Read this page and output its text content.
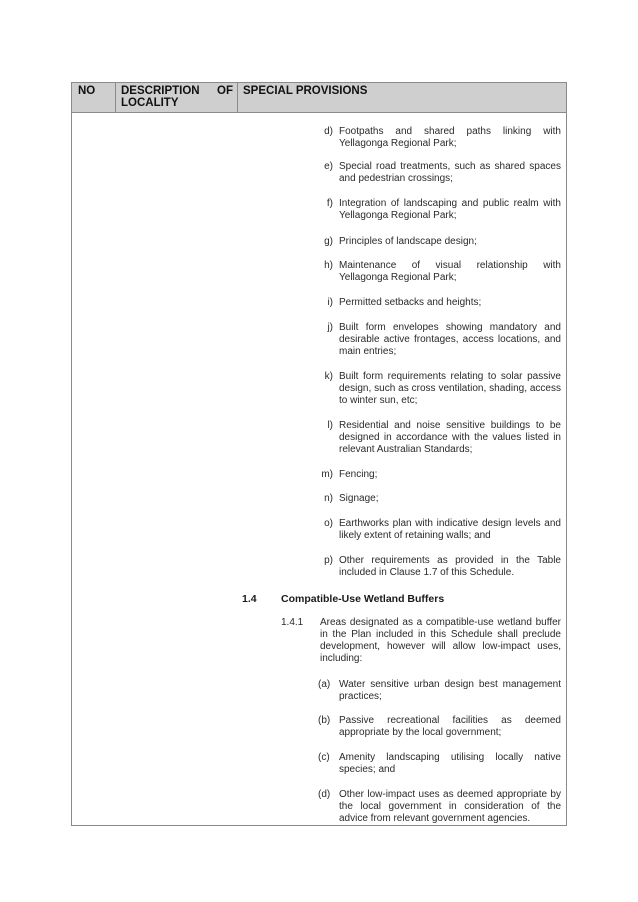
NO DESCRIPTION OF LOCALITY
SPECIAL PROVISIONS
d) Footpaths and shared paths linking with Yellagonga Regional Park;
e) Special road treatments, such as shared spaces and pedestrian crossings;
f) Integration of landscaping and public realm with Yellagonga Regional Park;
g) Principles of landscape design;
h) Maintenance of visual relationship with Yellagonga Regional Park;
i) Permitted setbacks and heights;
j) Built form envelopes showing mandatory and desirable active frontages, access locations, and main entries;
k) Built form requirements relating to solar passive design, such as cross ventilation, shading, access to winter sun, etc;
l) Residential and noise sensitive buildings to be designed in accordance with the values listed in relevant Australian Standards;
m) Fencing;
n) Signage;
o) Earthworks plan with indicative design levels and likely extent of retaining walls; and
p) Other requirements as provided in the Table included in Clause 1.7 of this Schedule.
1.4 Compatible-Use Wetland Buffers
1.4.1	Areas designated as a compatible-use wetland buffer in the Plan included in this Schedule shall preclude development, however will allow low-impact uses, including:
(a) Water sensitive urban design best management practices;
(b) Passive recreational facilities as deemed appropriate by the local government;
(c) Amenity landscaping utilising locally native species; and
(d) Other low-impact uses as deemed appropriate by the local government in consideration of the advice from relevant government agencies.
